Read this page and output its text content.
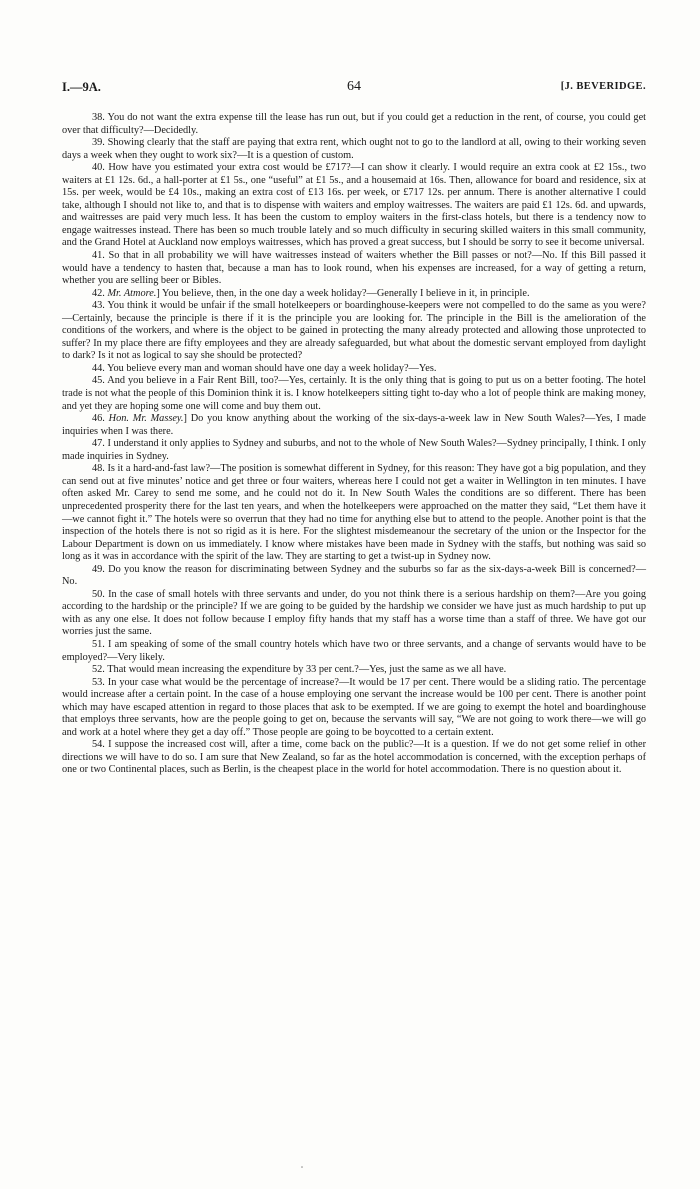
I.—9A.	64	[J. BEVERIDGE.

38. You do not want the extra expense till the lease has run out, but if you could get a reduction in the rent, of course, you could get over that difficulty?—Decidedly.

39. Showing clearly that the staff are paying that extra rent, which ought not to go to the landlord at all, owing to their working seven days a week when they ought to work six?—It is a question of custom.

40. How have you estimated your extra cost would be £717?—I can show it clearly. I would require an extra cook at £2 15s., two waiters at £1 12s. 6d., a hall-porter at £1 5s., one “useful” at £1 5s., and a housemaid at 16s. Then, allowance for board and residence, six at 15s. per week, would be £4 10s., making an extra cost of £13 16s. per week, or £717 12s. per annum. There is another alternative I could take, although I should not like to, and that is to dispense with waiters and employ waitresses. The waiters are paid £1 12s. 6d. and upwards, and waitresses are paid very much less. It has been the custom to employ waiters in the first-class hotels, but there is a tendency now to engage waitresses instead. There has been so much trouble lately and so much difficulty in securing skilled waiters in this small community, and the Grand Hotel at Auckland now employs waitresses, which has proved a great success, but I should be sorry to see it become universal.

41. So that in all probability we will have waitresses instead of waiters whether the Bill passes or not?—No. If this Bill passed it would have a tendency to hasten that, because a man has to look round, when his expenses are increased, for a way of getting a return, whether you are selling beer or Bibles.

42. Mr. Atmore.] You believe, then, in the one day a week holiday?—Generally I believe in it, in principle.

43. You think it would be unfair if the small hotelkeepers or boardinghouse-keepers were not compelled to do the same as you were?—Certainly, because the principle is there if it is the principle you are looking for. The principle in the Bill is the amelioration of the conditions of the workers, and where is the object to be gained in protecting the many already protected and allowing those unprotected to suffer? In my place there are fifty employees and they are already safeguarded, but what about the domestic servant employed from daylight to dark? Is it not as logical to say she should be protected?

44. You believe every man and woman should have one day a week holiday?—Yes.

45. And you believe in a Fair Rent Bill, too?—Yes, certainly. It is the only thing that is going to put us on a better footing. The hotel trade is not what the people of this Dominion think it is. I know hotelkeepers sitting tight to-day who a lot of people think are making money, and yet they are hoping some one will come and buy them out.

46. Hon. Mr. Massey.] Do you know anything about the working of the six-days-a-week law in New South Wales?—Yes, I made inquiries when I was there.

47. I understand it only applies to Sydney and suburbs, and not to the whole of New South Wales?—Sydney principally, I think. I only made inquiries in Sydney.

48. Is it a hard-and-fast law?—The position is somewhat different in Sydney, for this reason: They have got a big population, and they can send out at five minutes’ notice and get three or four waiters, whereas here I could not get a waiter in Wellington in ten minutes. I have often asked Mr. Carey to send me some, and he could not do it. In New South Wales the conditions are so different. There has been unprecedented prosperity there for the last ten years, and when the hotelkeepers were approached on the matter they said, “Let them have it—we cannot fight it.” The hotels were so overrun that they had no time for anything else but to attend to the people. Another point is that the inspection of the hotels there is not so rigid as it is here. For the slightest misdemeanour the secretary of the union or the Inspector for the Labour Department is down on us immediately. I know where mistakes have been made in Sydney with the staffs, but nothing was said so long as it was in accordance with the spirit of the law. They are starting to get a twist-up in Sydney now.

49. Do you know the reason for discriminating between Sydney and the suburbs so far as the six-days-a-week Bill is concerned?—No.

50. In the case of small hotels with three servants and under, do you not think there is a serious hardship on them?—Are you going according to the hardship or the principle? If we are going to be guided by the hardship we consider we have just as much hardship to put up with as any one else. It does not follow because I employ fifty hands that my staff has a worse time than a staff of three. We have got our worries just the same.

51. I am speaking of some of the small country hotels which have two or three servants, and a change of servants would have to be employed?—Very likely.

52. That would mean increasing the expenditure by 33 per cent.?—Yes, just the same as we all have.

53. In your case what would be the percentage of increase?—It would be 17 per cent. There would be a sliding ratio. The percentage would increase after a certain point. In the case of a house employing one servant the increase would be 100 per cent. There is another point which may have escaped attention in regard to those places that ask to be exempted. If we are going to exempt the hotel and boardinghouse that employs three servants, how are the people going to get on, because the servants will say, “We are not going to work there—we will go and work at a hotel where they get a day off.” Those people are going to be boycotted to a certain extent.

54. I suppose the increased cost will, after a time, come back on the public?—It is a question. If we do not get some relief in other directions we will have to do so. I am sure that New Zealand, so far as the hotel accommodation is concerned, with the exception perhaps of one or two Continental places, such as Berlin, is the cheapest place in the world for hotel accommodation. There is no question about it.
